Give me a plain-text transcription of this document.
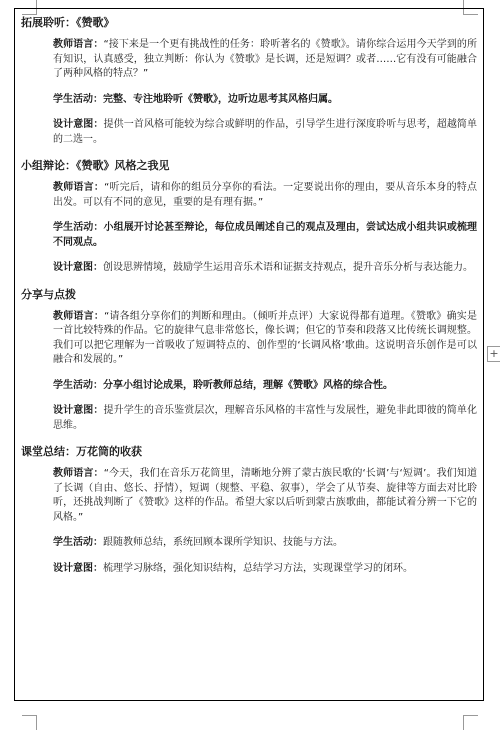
+

拓展聆听：《赞歌》

教师语言：“接下来是一个更有挑战性的任务：聆听著名的《赞歌》。请你综合运用今天学到的所有知识，认真感受，独立判断：你认为《赞歌》是长调，还是短调？或者……它有没有可能融合了两种风格的特点？”

学生活动：完整、专注地聆听《赞歌》，边听边思考其风格归属。

设计意图：提供一首风格可能较为综合或鲜明的作品，引导学生进行深度聆听与思考，超越简单的二选一。

小组辩论：《赞歌》风格之我见

教师语言：“听完后，请和你的组员分享你的看法。一定要说出你的理由，要从音乐本身的特点出发。可以有不同的意见，重要的是有理有据。”

学生活动：小组展开讨论甚至辩论，每位成员阐述自己的观点及理由，尝试达成小组共识或梳理不同观点。

设计意图：创设思辨情境，鼓励学生运用音乐术语和证据支持观点，提升音乐分析与表达能力。

分享与点拨

教师语言：“请各组分享你们的判断和理由。（倾听并点评）大家说得都有道理。《赞歌》确实是一首比较特殊的作品。它的旋律气息非常悠长，像长调；但它的节奏和段落又比传统长调规整。我们可以把它理解为一首吸收了短调特点的、创作型的‘长调风格’歌曲。这说明音乐创作是可以融合和发展的。”

学生活动：分享小组讨论成果，聆听教师总结，理解《赞歌》风格的综合性。

设计意图：提升学生的音乐鉴赏层次，理解音乐风格的丰富性与发展性，避免非此即彼的简单化思维。

课堂总结：万花筒的收获

教师语言：“今天，我们在音乐万花筒里，清晰地分辨了蒙古族民歌的‘长调’与‘短调’。我们知道了长调（自由、悠长、抒情），短调（规整、平稳、叙事），学会了从节奏、旋律等方面去对比聆听，还挑战判断了《赞歌》这样的作品。希望大家以后听到蒙古族歌曲，都能试着分辨一下它的风格。”

学生活动：跟随教师总结，系统回顾本课所学知识、技能与方法。

设计意图：梳理学习脉络，强化知识结构，总结学习方法，实现课堂学习的闭环。
